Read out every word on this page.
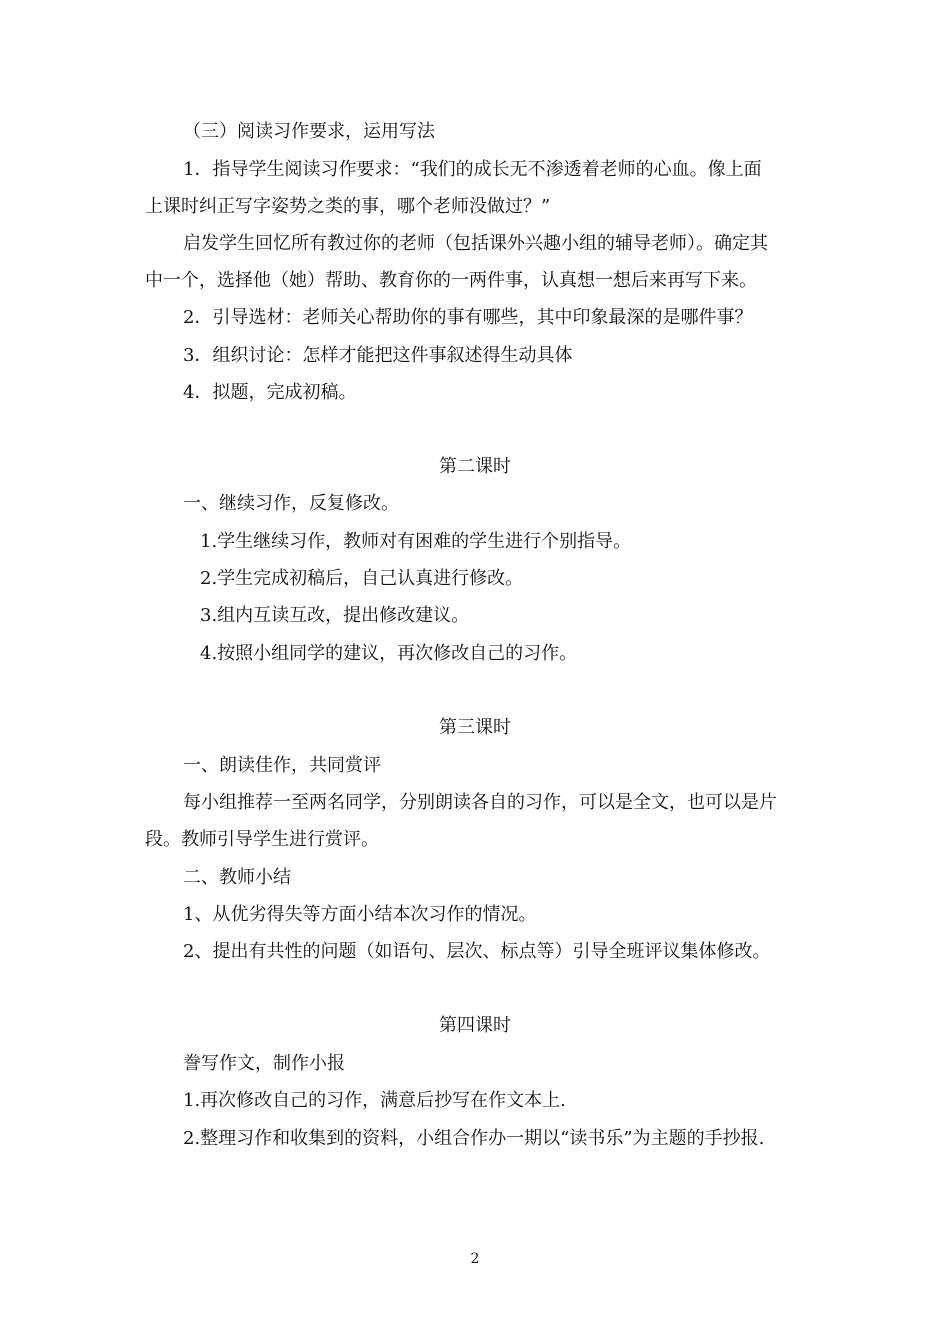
（三）阅读习作要求，运用写法
1．指导学生阅读习作要求：“我们的成长无不渗透着老师的心血。像上面
上课时纠正写字姿势之类的事，哪个老师没做过？”
启发学生回忆所有教过你的老师（包括课外兴趣小组的辅导老师）。确定其
中一个，选择他（她）帮助、教育你的一两件事，认真想一想后来再写下来。
2．引导选材：老师关心帮助你的事有哪些，其中印象最深的是哪件事？
3．组织讨论：怎样才能把这件事叙述得生动具体
4．拟题，完成初稿。
第二课时
一、继续习作，反复修改。
1.学生继续习作，教师对有困难的学生进行个别指导。
2.学生完成初稿后，自己认真进行修改。
3.组内互读互改，提出修改建议。
4.按照小组同学的建议，再次修改自己的习作。
第三课时
一、朗读佳作，共同赏评
每小组推荐一至两名同学，分别朗读各自的习作，可以是全文，也可以是片
段。教师引导学生进行赏评。
二、教师小结
1、从优劣得失等方面小结本次习作的情况。
2、提出有共性的问题（如语句、层次、标点等）引导全班评议集体修改。
第四课时
誊写作文，制作小报
1.再次修改自己的习作，满意后抄写在作文本上.
2.整理习作和收集到的资料，小组合作办一期以“读书乐”为主题的手抄报.
2
